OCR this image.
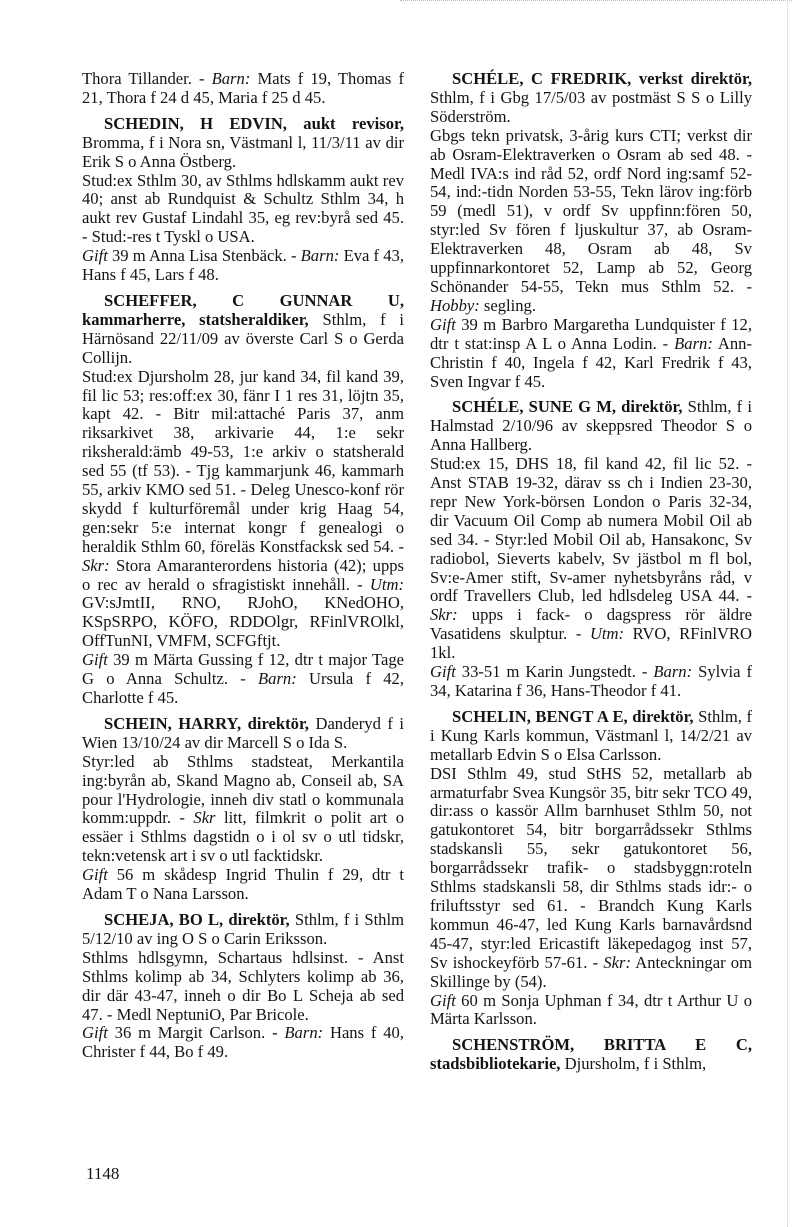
Thora Tillander. - Barn: Mats f 19, Thomas f 21, Thora f 24 d 45, Maria f 25 d 45.

SCHEDIN, H EDVIN, aukt revisor, Bromma, f i Nora sn, Västmanl l, 11/3/11 av dir Erik S o Anna Östberg.

Stud:ex Sthlm 30, av Sthlms hdlskamm aukt rev 40; anst ab Rundquist & Schultz Sthlm 34, h aukt rev Gustaf Lindahl 35, eg rev:byrå sed 45. - Stud:-res t Tyskl o USA.

Gift 39 m Anna Lisa Stenbäck. - Barn: Eva f 43, Hans f 45, Lars f 48.

SCHEFFER, C GUNNAR U, kammarherre, statsheraldiker, Sthlm, f i Härnösand 22/11/09 av överste Carl S o Gerda Collijn.

Stud:ex Djursholm 28, jur kand 34, fil kand 39, fil lic 53; res:off:ex 30, fänr I 1 res 31, löjtn 35, kapt 42. - Bitr mil:attaché Paris 37, anm riksarkivet 38, arkivarie 44, 1:e sekr riksherald:ämb 49-53, 1:e arkiv o statsherald sed 55 (tf 53). - Tjg kammarjunk 46, kammarh 55, arkiv KMO sed 51. - Deleg Unesco-konf rör skydd f kulturföremål under krig Haag 54, gen:sekr 5:e internat kongr f genealogi o heraldik Sthlm 60, föreläs Konstfacksk sed 54. - Skr: Stora Amaranterordens historia (42); upps o rec av herald o sfragistiskt innehåll. - Utm: GV:sJmtII, RNO, RJohO, KNedOHO, KSpSRPO, KÖFO, RDDOlgr, RFinlVROlkl, OffTunNI, VMFM, SCFGftjt.

Gift 39 m Märta Gussing f 12, dtr t major Tage G o Anna Schultz. - Barn: Ursula f 42, Charlotte f 45.

SCHEIN, HARRY, direktör, Danderyd f i Wien 13/10/24 av dir Marcell S o Ida S.

Styr:led ab Sthlms stadsteat, Merkantila ing:byrån ab, Skand Magno ab, Conseil ab, SA pour l'Hydrologie, inneh div statl o kommunala komm:uppdr. - Skr litt, filmkrit o polit art o essäer i Sthlms dagstidn o i ol sv o utl tidskr, tekn:vetensk art i sv o utl facktidskr.

Gift 56 m skådesp Ingrid Thulin f 29, dtr t Adam T o Nana Larsson.

SCHEJA, BO L, direktör, Sthlm, f i Sthlm 5/12/10 av ing O S o Carin Eriksson.

Sthlms hdlsgymn, Schartaus hdlsinst. - Anst Sthlms kolimp ab 34, Schlyters kolimp ab 36, dir där 43-47, inneh o dir Bo L Scheja ab sed 47. - Medl NeptuniO, Par Bricole.

Gift 36 m Margit Carlson. - Barn: Hans f 40, Christer f 44, Bo f 49.

SCHÉLE, C FREDRIK, verkst direktör, Sthlm, f i Gbg 17/5/03 av postmäst S S o Lilly Söderström.

Gbgs tekn privatsk, 3-årig kurs CTI; verkst dir ab Osram-Elektraverken o Osram ab sed 48. - Medl IVA:s ind råd 52, ordf Nord ing:samf 52-54, ind:-tidn Norden 53-55, Tekn lärov ing:förb 59 (medl 51), v ordf Sv uppfinn:fören 50, styr:led Sv fören f ljuskultur 37, ab Osram-Elektraverken 48, Osram ab 48, Sv uppfinnarkontoret 52, Lamp ab 52, Georg Schönander 54-55, Tekn mus Sthlm 52. - Hobby: segling.

Gift 39 m Barbro Margaretha Lundquister f 12, dtr t stat:insp A L o Anna Lodin. - Barn: Ann-Christin f 40, Ingela f 42, Karl Fredrik f 43, Sven Ingvar f 45.

SCHÉLE, SUNE G M, direktör, Sthlm, f i Halmstad 2/10/96 av skeppsred Theodor S o Anna Hallberg.

Stud:ex 15, DHS 18, fil kand 42, fil lic 52. - Anst STAB 19-32, därav ss ch i Indien 23-30, repr New York-börsen London o Paris 32-34, dir Vacuum Oil Comp ab numera Mobil Oil ab sed 34. - Styr:led Mobil Oil ab, Hansakonc, Sv radiobol, Sieverts kabelv, Sv jästbol m fl bol, Sv:e-Amer stift, Sv-amer nyhetsbyråns råd, v ordf Travellers Club, led hdlsdeleg USA 44. - Skr: upps i fack- o dagspress rör äldre Vasatidens skulptur. - Utm: RVO, RFinlVRO 1kl.

Gift 33-51 m Karin Jungstedt. - Barn: Sylvia f 34, Katarina f 36, Hans-Theodor f 41.

SCHELIN, BENGT A E, direktör, Sthlm, f i Kung Karls kommun, Västmanl l, 14/2/21 av metallarb Edvin S o Elsa Carlsson.

DSI Sthlm 49, stud StHS 52, metallarb ab armaturfabr Svea Kungsör 35, bitr sekr TCO 49, dir:ass o kassör Allm barnhuset Sthlm 50, not gatukontoret 54, bitr borgarrådssekr Sthlms stadskansli 55, sekr gatukontoret 56, borgarrådssekr trafik- o stadsbyggn:roteln Sthlms stadskansli 58, dir Sthlms stads idr:- o friluftsstyr sed 61. - Brandch Kung Karls kommun 46-47, led Kung Karls barnavårdsnd 45-47, styr:led Ericastift läkepedagog inst 57, Sv ishockeyförb 57-61. - Skr: Anteckningar om Skillinge by (54).

Gift 60 m Sonja Uphman f 34, dtr t Arthur U o Märta Karlsson.

SCHENSTRÖM, BRITTA E C, stadsbibliotekarie, Djursholm, f i Sthlm,

1148
